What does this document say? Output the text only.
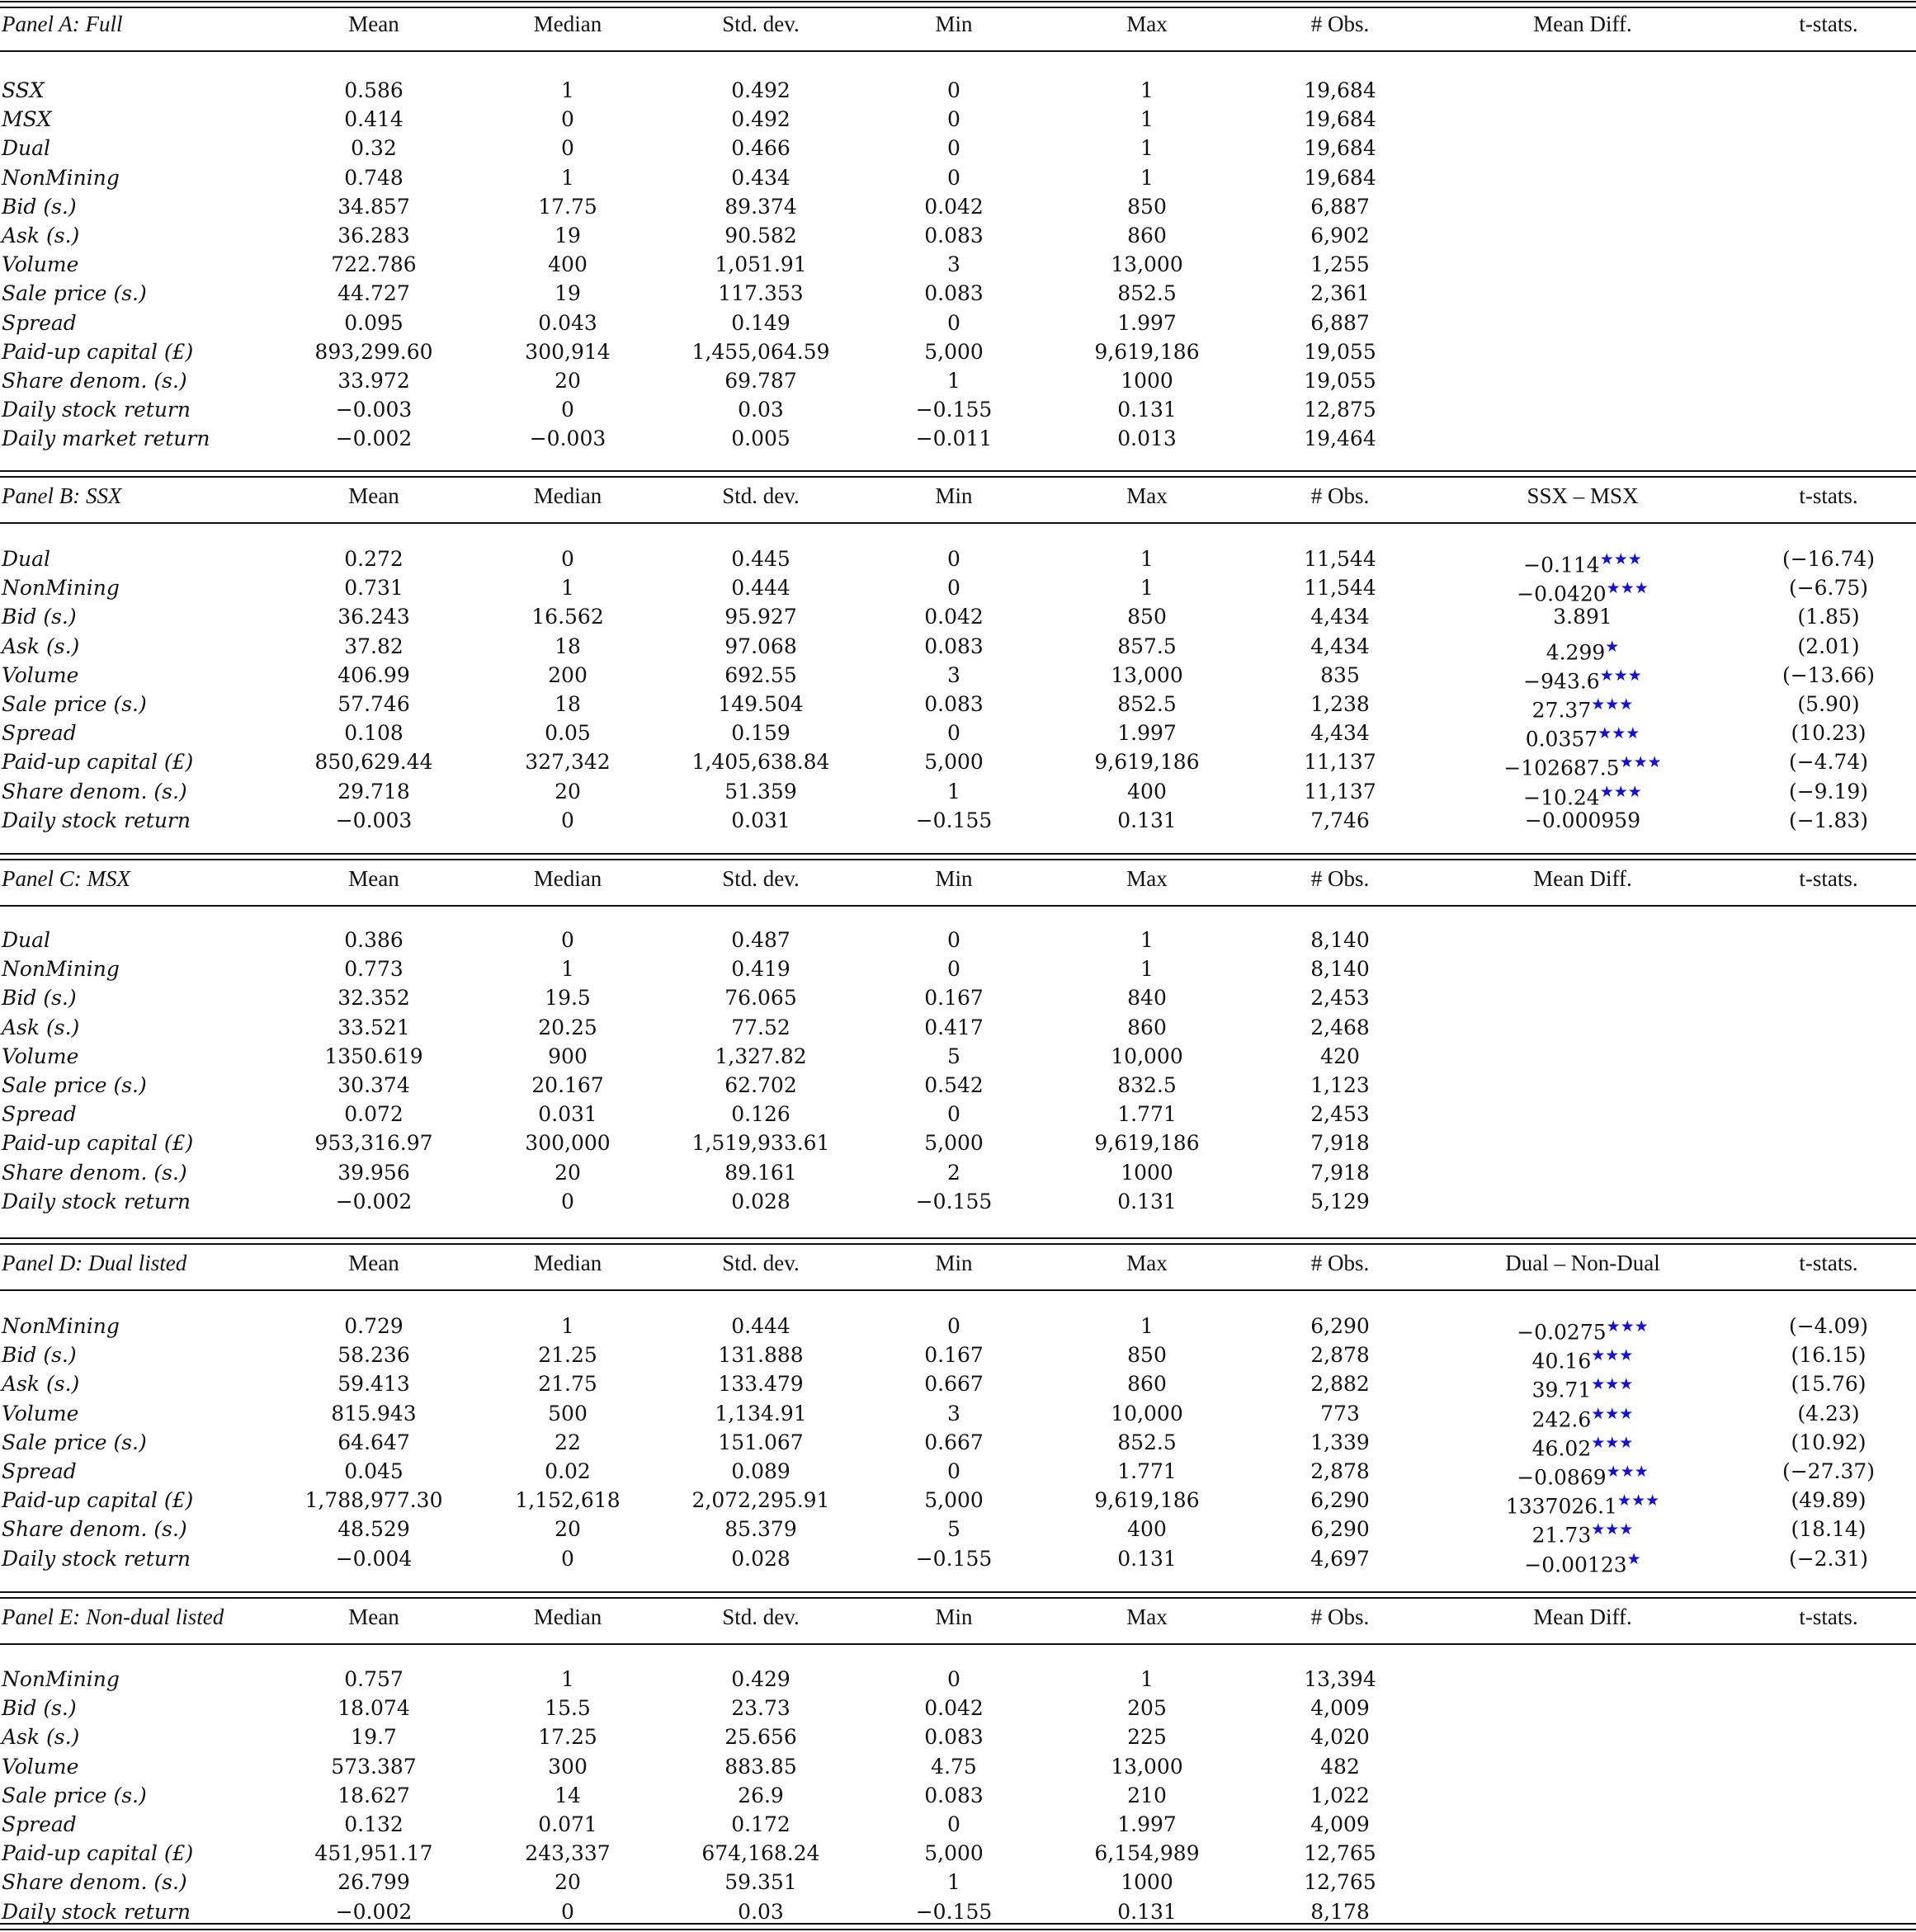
Panel A: Full	Mean	Median	Std. dev.	Min	Max	# Obs.	Mean Diff.	t-stats.
SSX	0.586	1	0.492	0	1	19,684
MSX	0.414	0	0.492	0	1	19,684
Dual	0.32	0	0.466	0	1	19,684
NonMining	0.748	1	0.434	0	1	19,684
Bid (s.)	34.857	17.75	89.374	0.042	850	6,887
Ask (s.)	36.283	19	90.582	0.083	860	6,902
Volume	722.786	400	1,051.91	3	13,000	1,255
Sale price (s.)	44.727	19	117.353	0.083	852.5	2,361
Spread	0.095	0.043	0.149	0	1.997	6,887
Paid-up capital (£)	893,299.60	300,914	1,455,064.59	5,000	9,619,186	19,055
Share denom. (s.)	33.972	20	69.787	1	1000	19,055
Daily stock return	−0.003	0	0.03	−0.155	0.131	12,875
Daily market return	−0.002	−0.003	0.005	−0.011	0.013	19,464
Panel B: SSX	Mean	Median	Std. dev.	Min	Max	# Obs.	SSX – MSX	t-stats.
Dual	0.272	0	0.445	0	1	11,544	−0.114★★★	(−16.74)
NonMining	0.731	1	0.444	0	1	11,544	−0.0420★★★	(−6.75)
Bid (s.)	36.243	16.562	95.927	0.042	850	4,434	3.891	(1.85)
Ask (s.)	37.82	18	97.068	0.083	857.5	4,434	4.299★	(2.01)
Volume	406.99	200	692.55	3	13,000	835	−943.6★★★	(−13.66)
Sale price (s.)	57.746	18	149.504	0.083	852.5	1,238	27.37★★★	(5.90)
Spread	0.108	0.05	0.159	0	1.997	4,434	0.0357★★★	(10.23)
Paid-up capital (£)	850,629.44	327,342	1,405,638.84	5,000	9,619,186	11,137	−102687.5★★★	(−4.74)
Share denom. (s.)	29.718	20	51.359	1	400	11,137	−10.24★★★	(−9.19)
Daily stock return	−0.003	0	0.031	−0.155	0.131	7,746	−0.000959	(−1.83)
Panel C: MSX	Mean	Median	Std. dev.	Min	Max	# Obs.	Mean Diff.	t-stats.
Dual	0.386	0	0.487	0	1	8,140
NonMining	0.773	1	0.419	0	1	8,140
Bid (s.)	32.352	19.5	76.065	0.167	840	2,453
Ask (s.)	33.521	20.25	77.52	0.417	860	2,468
Volume	1350.619	900	1,327.82	5	10,000	420
Sale price (s.)	30.374	20.167	62.702	0.542	832.5	1,123
Spread	0.072	0.031	0.126	0	1.771	2,453
Paid-up capital (£)	953,316.97	300,000	1,519,933.61	5,000	9,619,186	7,918
Share denom. (s.)	39.956	20	89.161	2	1000	7,918
Daily stock return	−0.002	0	0.028	−0.155	0.131	5,129
Panel D: Dual listed	Mean	Median	Std. dev.	Min	Max	# Obs.	Dual – Non-Dual	t-stats.
NonMining	0.729	1	0.444	0	1	6,290	−0.0275★★★	(−4.09)
Bid (s.)	58.236	21.25	131.888	0.167	850	2,878	40.16★★★	(16.15)
Ask (s.)	59.413	21.75	133.479	0.667	860	2,882	39.71★★★	(15.76)
Volume	815.943	500	1,134.91	3	10,000	773	242.6★★★	(4.23)
Sale price (s.)	64.647	22	151.067	0.667	852.5	1,339	46.02★★★	(10.92)
Spread	0.045	0.02	0.089	0	1.771	2,878	−0.0869★★★	(−27.37)
Paid-up capital (£)	1,788,977.30	1,152,618	2,072,295.91	5,000	9,619,186	6,290	1337026.1★★★	(49.89)
Share denom. (s.)	48.529	20	85.379	5	400	6,290	21.73★★★	(18.14)
Daily stock return	−0.004	0	0.028	−0.155	0.131	4,697	−0.00123★	(−2.31)
Panel E: Non-dual listed	Mean	Median	Std. dev.	Min	Max	# Obs.	Mean Diff.	t-stats.
NonMining	0.757	1	0.429	0	1	13,394
Bid (s.)	18.074	15.5	23.73	0.042	205	4,009
Ask (s.)	19.7	17.25	25.656	0.083	225	4,020
Volume	573.387	300	883.85	4.75	13,000	482
Sale price (s.)	18.627	14	26.9	0.083	210	1,022
Spread	0.132	0.071	0.172	0	1.997	4,009
Paid-up capital (£)	451,951.17	243,337	674,168.24	5,000	6,154,989	12,765
Share denom. (s.)	26.799	20	59.351	1	1000	12,765
Daily stock return	−0.002	0	0.03	−0.155	0.131	8,178
